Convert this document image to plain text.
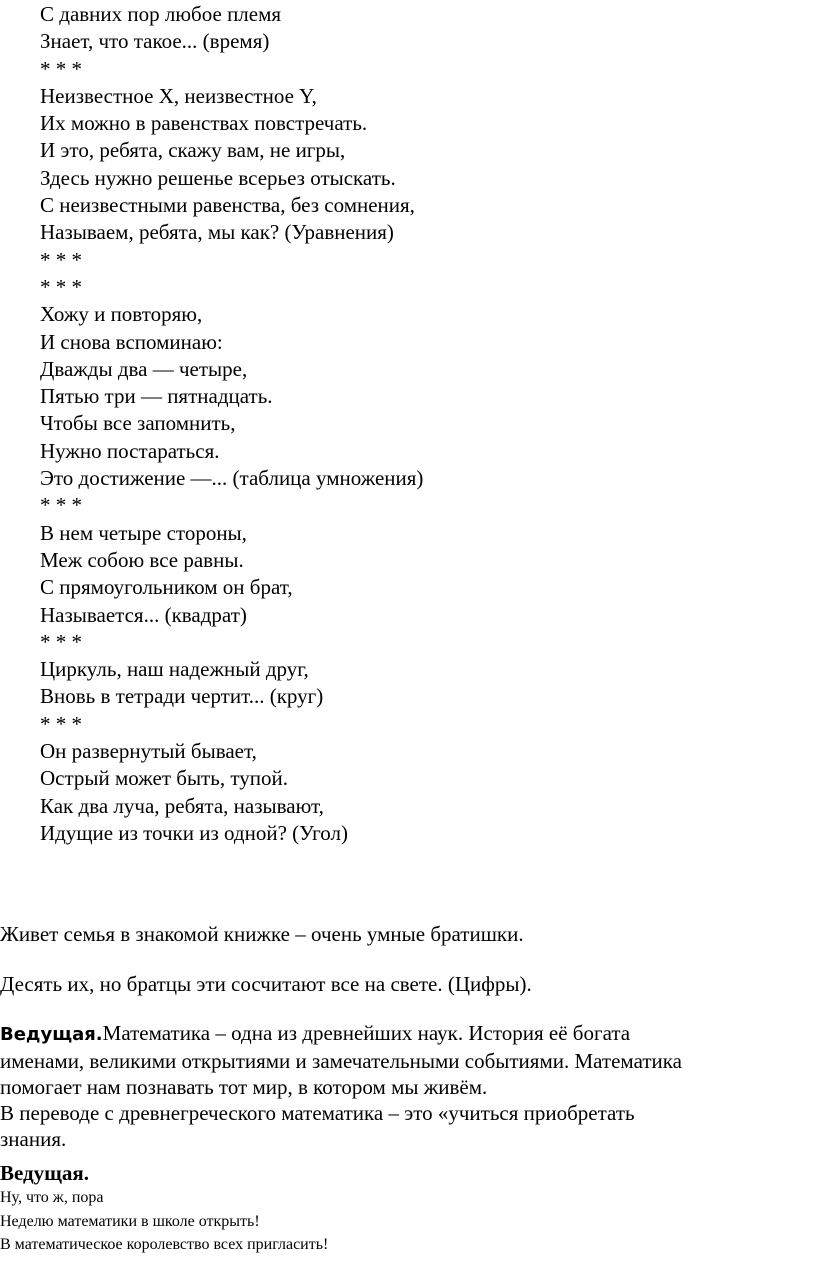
С давних пор любое племя
Знает, что такое... (время)
* * *
Неизвестное X, неизвестное Y,
Их можно в равенствах повстречать.
И это, ребята, скажу вам, не игры,
Здесь нужно решенье всерьез отыскать.
С неизвестными равенства, без сомнения,
Называем, ребята, мы как? (Уравнения)
* * *
* * *
Хожу и повторяю,
И снова вспоминаю:
Дважды два — четыре,
Пятью три — пятнадцать.
Чтобы все запомнить,
Нужно постараться.
Это достижение —... (таблица умножения)
* * *
В нем четыре стороны,
Меж собою все равны.
С прямоугольником он брат,
Называется... (квадрат)
* * *
Циркуль, наш надежный друг,
Вновь в тетради чертит... (круг)
* * *
Он развернутый бывает,
Острый может быть, тупой.
Как два луча, ребята, называют,
Идущие из точки из одной? (Угол)
Живет семья в знакомой книжке – очень умные братишки.
Десять их, но братцы эти сосчитают все на свете. (Цифры).
Ведущая.Математика – одна из древнейших наук. История её богата
именами, великими открытиями и замечательными событиями. Математика
помогает нам познавать тот мир, в котором мы живём.
В переводе с древнегреческого математика – это «учиться приобретать
знания.
Ведущая.
Ну, что ж, пора
Неделю математики в школе открыть!
В математическое королевство всех пригласить!
